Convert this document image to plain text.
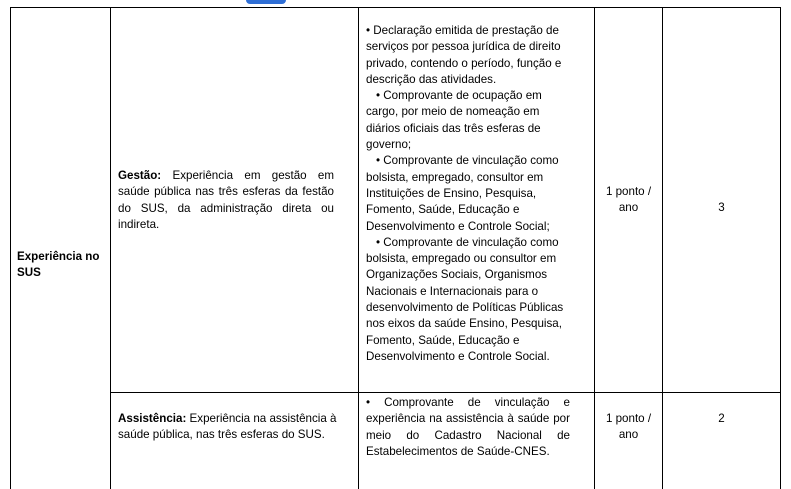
Experiência no SUS
Gestão: Experiência em gestão em saúde pública nas três esferas da festão do SUS, da administração direta ou indireta.
• Declaração emitida de prestação de serviços por pessoa jurídica de direito privado, contendo o período, função e descrição das atividades.
• Comprovante de ocupação em cargo, por meio de nomeação em diários oficiais das três esferas de governo;
• Comprovante de vinculação como bolsista, empregado, consultor em Instituições de Ensino, Pesquisa, Fomento, Saúde, Educação e Desenvolvimento e Controle Social;
• Comprovante de vinculação como bolsista, empregado ou consultor em Organizações Sociais, Organismos Nacionais e Internacionais para o desenvolvimento de Políticas Públicas nos eixos da saúde Ensino, Pesquisa, Fomento, Saúde, Educação e Desenvolvimento e Controle Social.
1 ponto / ano	3
Assistência: Experiência na assistência à saúde pública, nas três esferas do SUS.
• Comprovante de vinculação e experiência na assistência à saúde por meio do Cadastro Nacional de Estabelecimentos de Saúde-CNES.
1 ponto / ano
2
